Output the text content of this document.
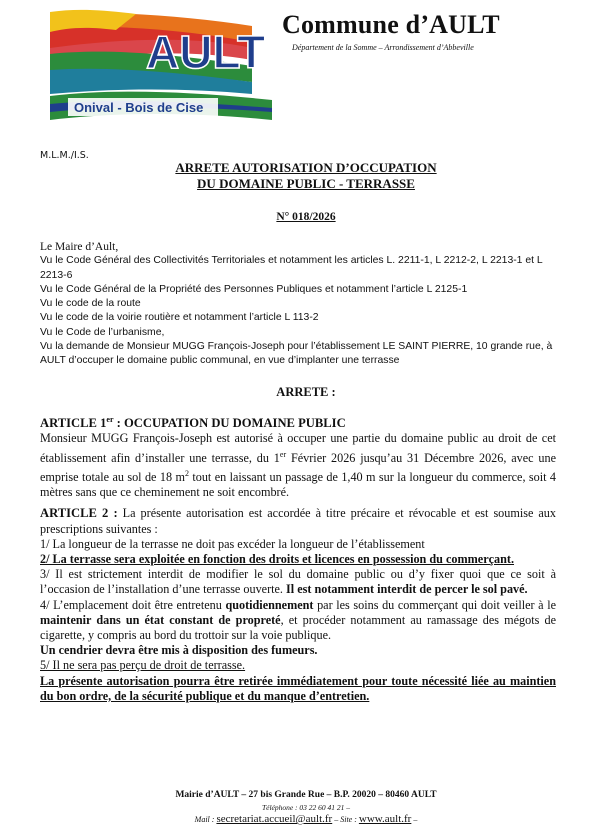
AULT
Onival - Bois de Cise
Commune d’AULT
Département de la Somme – Arrondissement d’Abbeville
M.L.M./I.S.
ARRETE AUTORISATION D’OCCUPATION
DU DOMAINE PUBLIC - TERRASSE
N° 018/2026
Le Maire d’Ault,
Vu le Code Général des Collectivités Territoriales et notamment les articles L. 2211-1, L 2212-2, L 2213-1 et L 2213-6
Vu le Code Général de la Propriété des Personnes Publiques et notamment l’article L 2125-1
Vu le code de la route
Vu le code de la voirie routière et notamment l’article L 113-2
Vu le Code de l’urbanisme,
Vu la demande de Monsieur MUGG François-Joseph pour l’établissement LE SAINT PIERRE, 10 grande rue, à AULT d’occuper le domaine public communal, en vue d’implanter une terrasse
ARRETE :

ARTICLE 1er : OCCUPATION DU DOMAINE PUBLIC

Monsieur MUGG François-Joseph est autorisé à occuper une partie du domaine public au droit de cet établissement afin d’installer une terrasse, du 1er Février 2026 jusqu’au 31 Décembre 2026, avec une emprise totale au sol de 18 $m^2$ tout en laissant un passage de 1,40 m sur la longueur du commerce, soit 4 mètres sans que ce cheminement ne soit encombré.

ARTICLE 2 : La présente autorisation est accordée à titre précaire et révocable et est soumise aux prescriptions suivantes :

1/ La longueur de la terrasse ne doit pas excéder la longueur de l’établissement

2/ La terrasse sera exploitée en fonction des droits et licences en possession du commerçant.

3/ Il est strictement interdit de modifier le sol du domaine public ou d’y fixer quoi que ce soit à l’occasion de l’installation d’une terrasse ouverte. Il est notamment interdit de percer le sol pavé.

4/ L’emplacement doit être entretenu quotidiennement par les soins du commerçant qui doit veiller à le maintenir dans un état constant de propreté, et procéder notamment au ramassage des mégots de cigarette, y compris au bord du trottoir sur la voie publique.

Un cendrier devra être mis à disposition des fumeurs.

5/ Il ne sera pas perçu de droit de terrasse.

La présente autorisation pourra être retirée immédiatement pour toute nécessité liée au maintien du bon ordre, de la sécurité publique et du manque d’entretien.

Mairie d’AULT – 27 bis Grande Rue – B.P. 20020 – 80460 AULT
Téléphone : 03 22 60 41 21 –
Mail : secretariat.accueil@ault.fr – Site : www.ault.fr –
